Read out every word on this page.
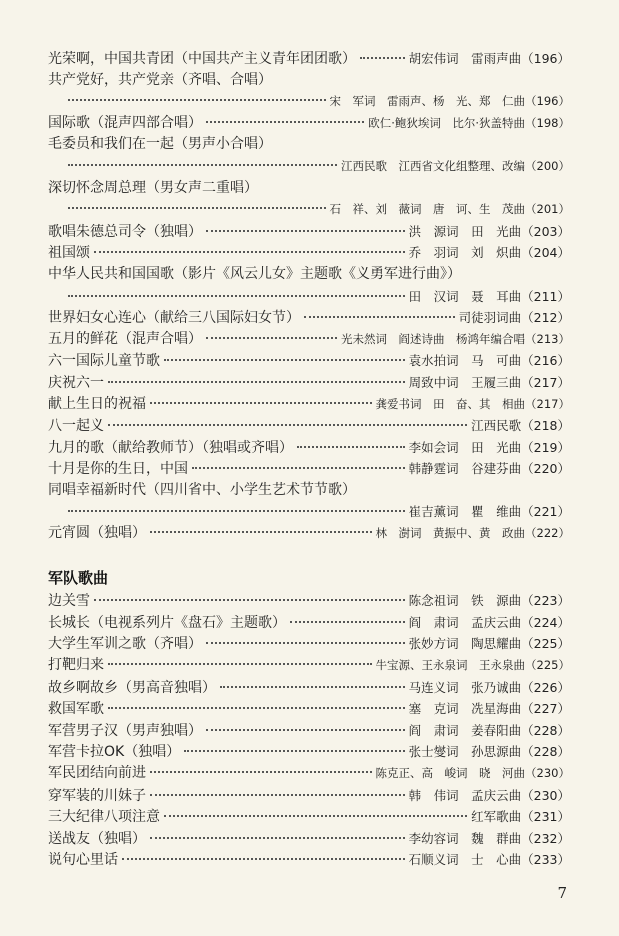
光荣啊，中国共青团（中国共产主义青年团团歌）	胡宏伟词　雷雨声曲（196）
共产党好，共产党亲（齐唱、合唱）
宋　军词　雷雨声、杨　光、郑　仁曲（196）
国际歌（混声四部合唱）	欧仁·鲍狄埃词　比尔·狄盖特曲（198）
毛委员和我们在一起（男声小合唱）
江西民歌　江西省文化组整理、改编（200）
深切怀念周总理（男女声二重唱）
石　祥、刘　薇词　唐　诃、生　茂曲（201）
歌唱朱德总司令（独唱）	洪　源词　田　光曲（203）
祖国颂	乔　羽词　刘　炽曲（204）
中华人民共和国国歌（影片《风云儿女》主题歌《义勇军进行曲》）
田　汉词　聂　耳曲（211）
世界妇女心连心（献给三八国际妇女节）	司徒羽词曲（212）
五月的鲜花（混声合唱）	光未然词　阎述诗曲　杨鸿年编合唱（213）
六一国际儿童节歌	袁水拍词　马　可曲（216）
庆祝六一	周致中词　王履三曲（217）
献上生日的祝福	龚爱书词　田　奋、其　相曲（217）
八一起义	江西民歌（218）
九月的歌（献给教师节）（独唱或齐唱）	李如会词　田　光曲（219）
十月是你的生日，中国	韩静霆词　谷建芬曲（220）
同唱幸福新时代（四川省中、小学生艺术节节歌）
崔吉薰词　瞿　维曲（221）
元宵圆（独唱）	林　澍词　黄振中、黄　政曲（222）
军队歌曲
边关雪	陈念祖词　铁　源曲（223）
长城长（电视系列片《盘石》主题歌）	阎　肃词　孟庆云曲（224）
大学生军训之歌（齐唱）	张妙方词　陶思耀曲（225）
打靶归来	牛宝源、王永泉词　王永泉曲（225）
故乡啊故乡（男高音独唱）	马连义词　张乃诚曲（226）
救国军歌	塞　克词　冼星海曲（227）
军营男子汉（男声独唱）	阎　肃词　姜春阳曲（228）
军营卡拉OK（独唱）	张士燮词　孙思源曲（228）
军民团结向前进	陈克正、高　峻词　晓　河曲（230）
穿军装的川妹子	韩　伟词　孟庆云曲（230）
三大纪律八项注意	红军歌曲（231）
送战友（独唱）	李幼容词　魏　群曲（232）
说句心里话	石顺义词　士　心曲（233）
7
